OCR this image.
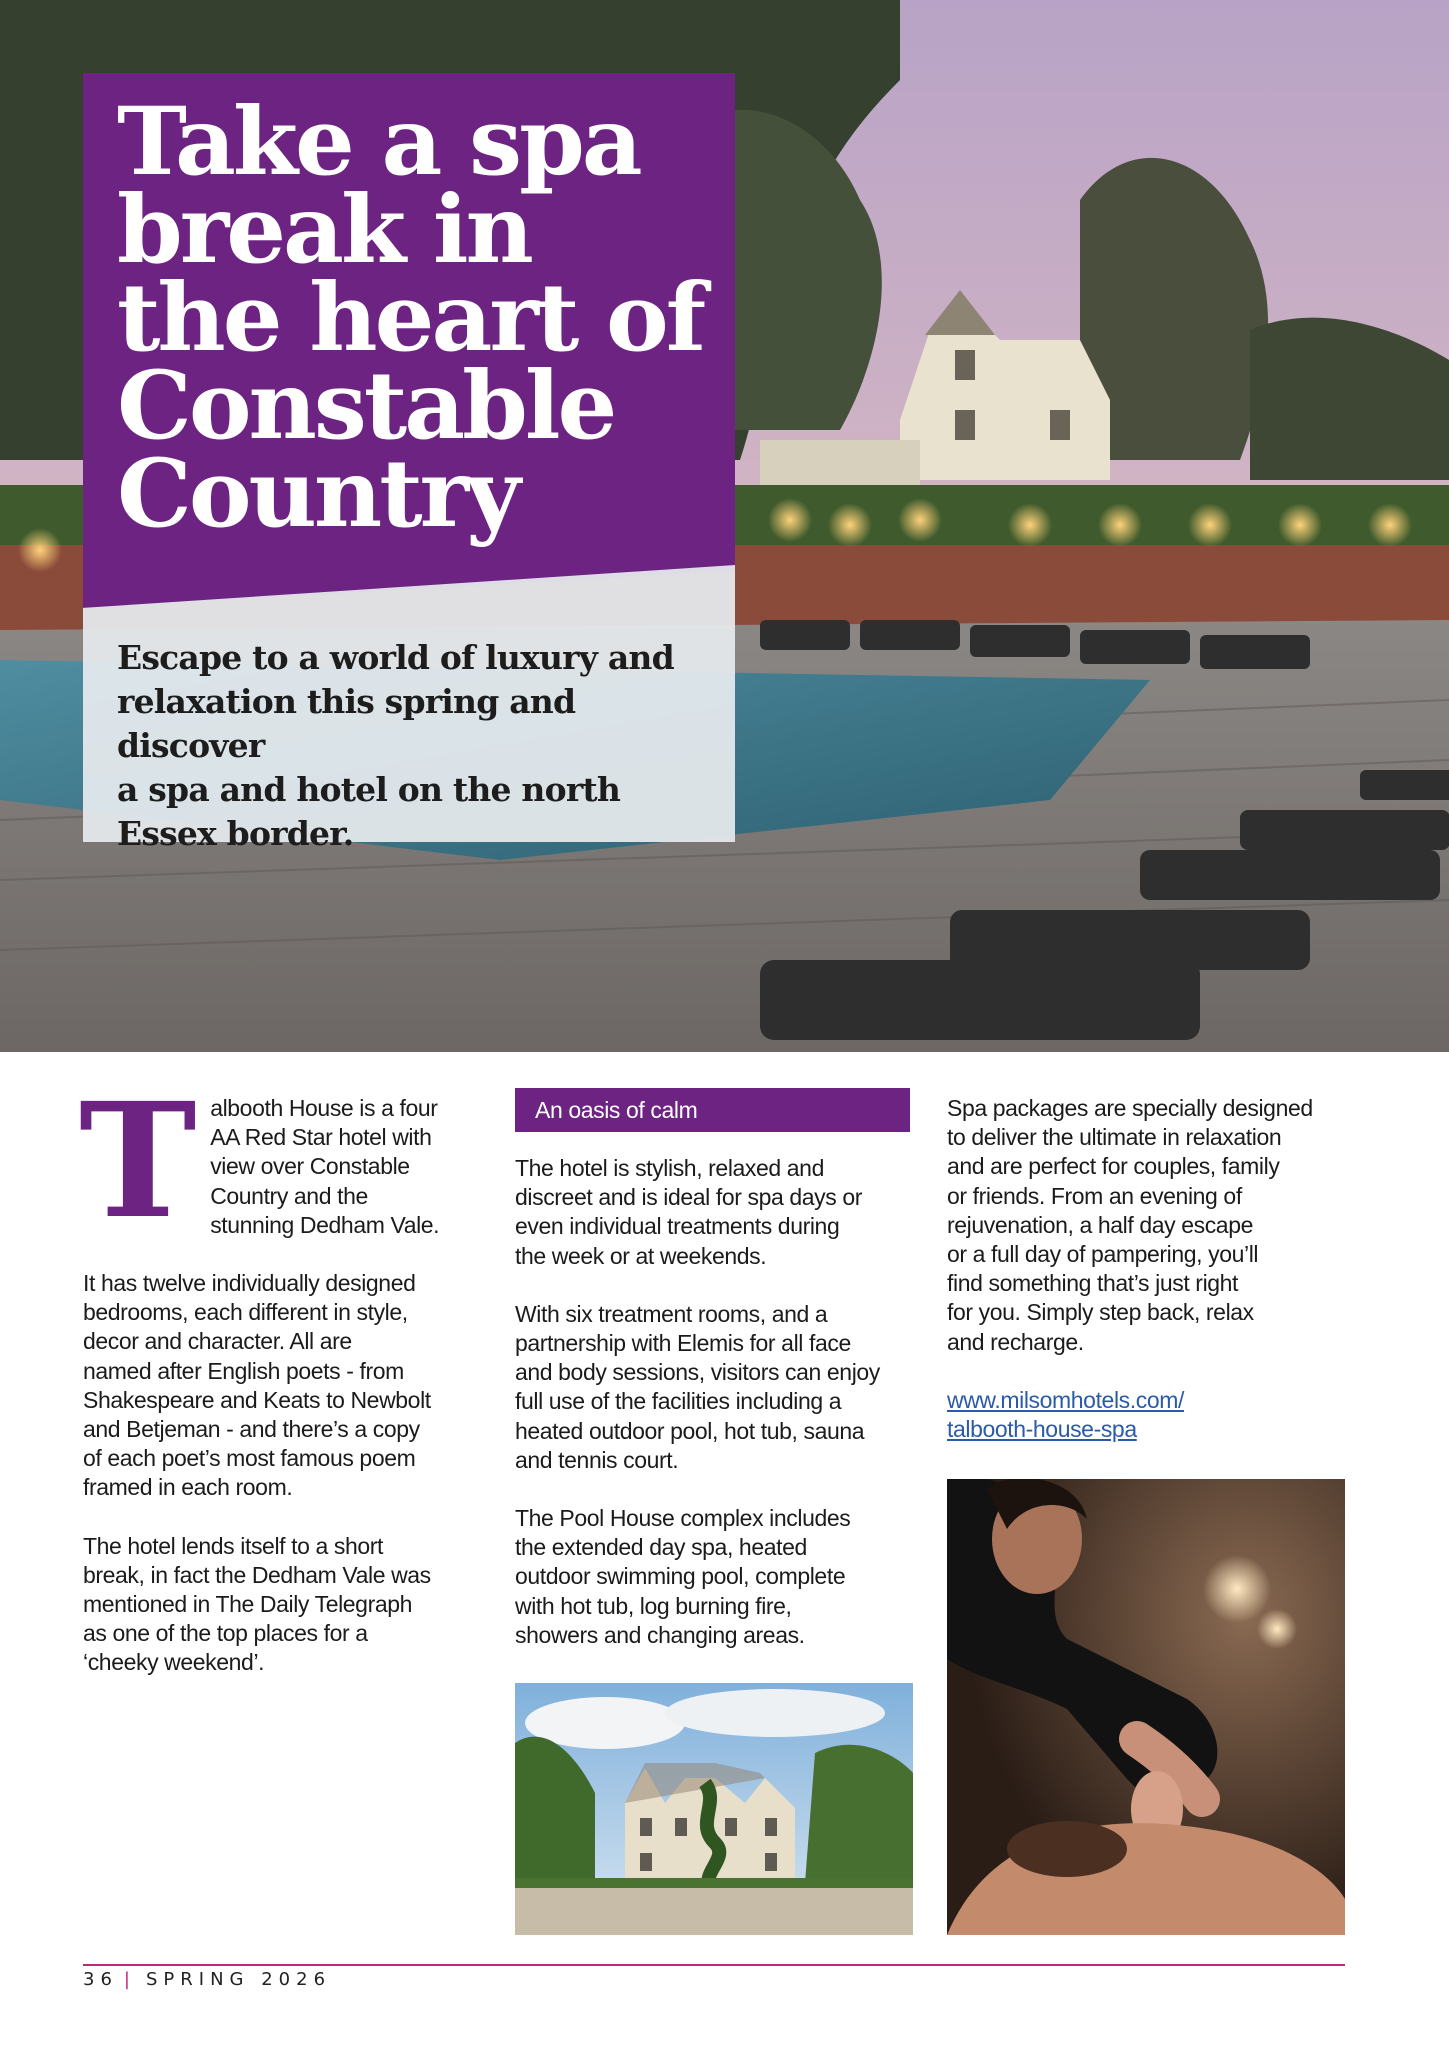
Take a spa
break in
the heart of
Constable
Country

Escape to a world of luxury and
relaxation this spring and discover
a spa and hotel on the north
Essex border.

T albooth House is a four
AA Red Star hotel with
view over Constable
Country and the
stunning Dedham Vale.

It has twelve individually designed
bedrooms, each different in style,
decor and character. All are
named after English poets - from
Shakespeare and Keats to Newbolt
and Betjeman - and there’s a copy
of each poet’s most famous poem
framed in each room.

The hotel lends itself to a short
break, in fact the Dedham Vale was
mentioned in The Daily Telegraph
as one of the top places for a
‘cheeky weekend’.

An oasis of calm

The hotel is stylish, relaxed and
discreet and is ideal for spa days or
even individual treatments during
the week or at weekends.

With six treatment rooms, and a
partnership with Elemis for all face
and body sessions, visitors can enjoy
full use of the facilities including a
heated outdoor pool, hot tub, sauna
and tennis court.

The Pool House complex includes
the extended day spa, heated
outdoor swimming pool, complete
with hot tub, log burning fire,
showers and changing areas.

Spa packages are specially designed
to deliver the ultimate in relaxation
and are perfect for couples, family
or friends. From an evening of
rejuvenation, a half day escape
or a full day of pampering, you’ll
find something that’s just right
for you. Simply step back, relax
and recharge.

www.milsomhotels.com/
talbooth-house-spa

36 | SPRING 2026
